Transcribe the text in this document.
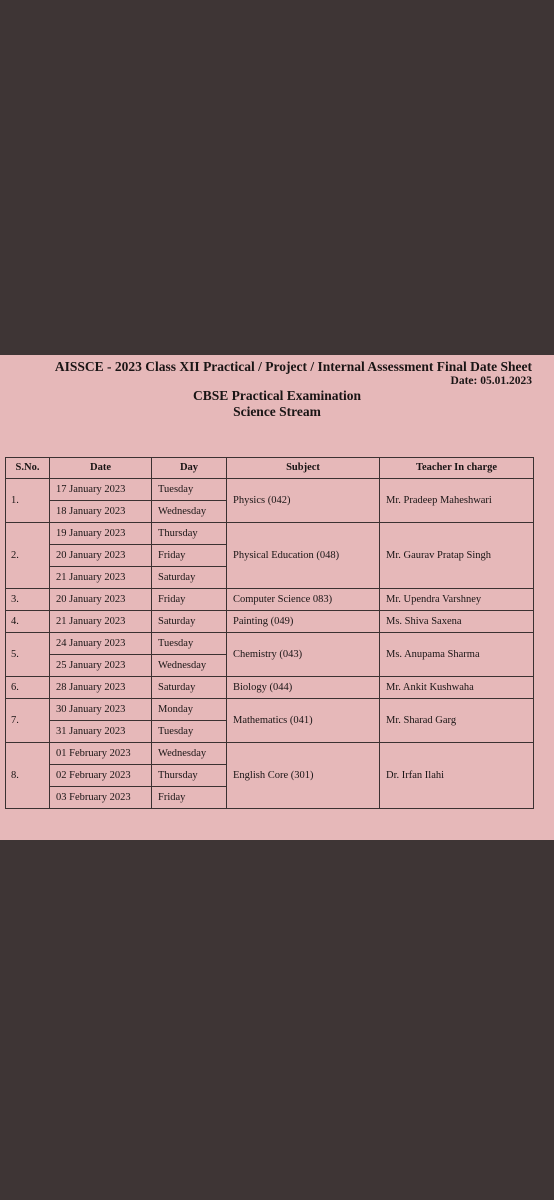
AISSCE - 2023 Class XII Practical / Project / Internal Assessment Final Date Sheet
Date: 05.01.2023
CBSE Practical Examination
Science Stream
S.No.	Date	Day	Subject	Teacher In charge
1.	17 January 2023	Tuesday	Physics (042)	Mr. Pradeep Maheshwari
	18 January 2023	Wednesday		
2.	19 January 2023	Thursday	Physical Education (048)	Mr. Gaurav Pratap Singh
	20 January 2023	Friday		
	21 January 2023	Saturday		
3.	20 January 2023	Friday	Computer Science 083)	Mr. Upendra Varshney
4.	21 January 2023	Saturday	Painting (049)	Ms. Shiva Saxena
5.	24 January 2023	Tuesday	Chemistry (043)	Ms. Anupama Sharma
	25 January 2023	Wednesday		
6.	28 January 2023	Saturday	Biology (044)	Mr. Ankit Kushwaha
7.	30 January 2023	Monday	Mathematics (041)	Mr. Sharad Garg
	31 January 2023	Tuesday		
8.	01 February 2023	Wednesday	English Core (301)	Dr. Irfan Ilahi
	02 February 2023	Thursday		
	03 February 2023	Friday		
